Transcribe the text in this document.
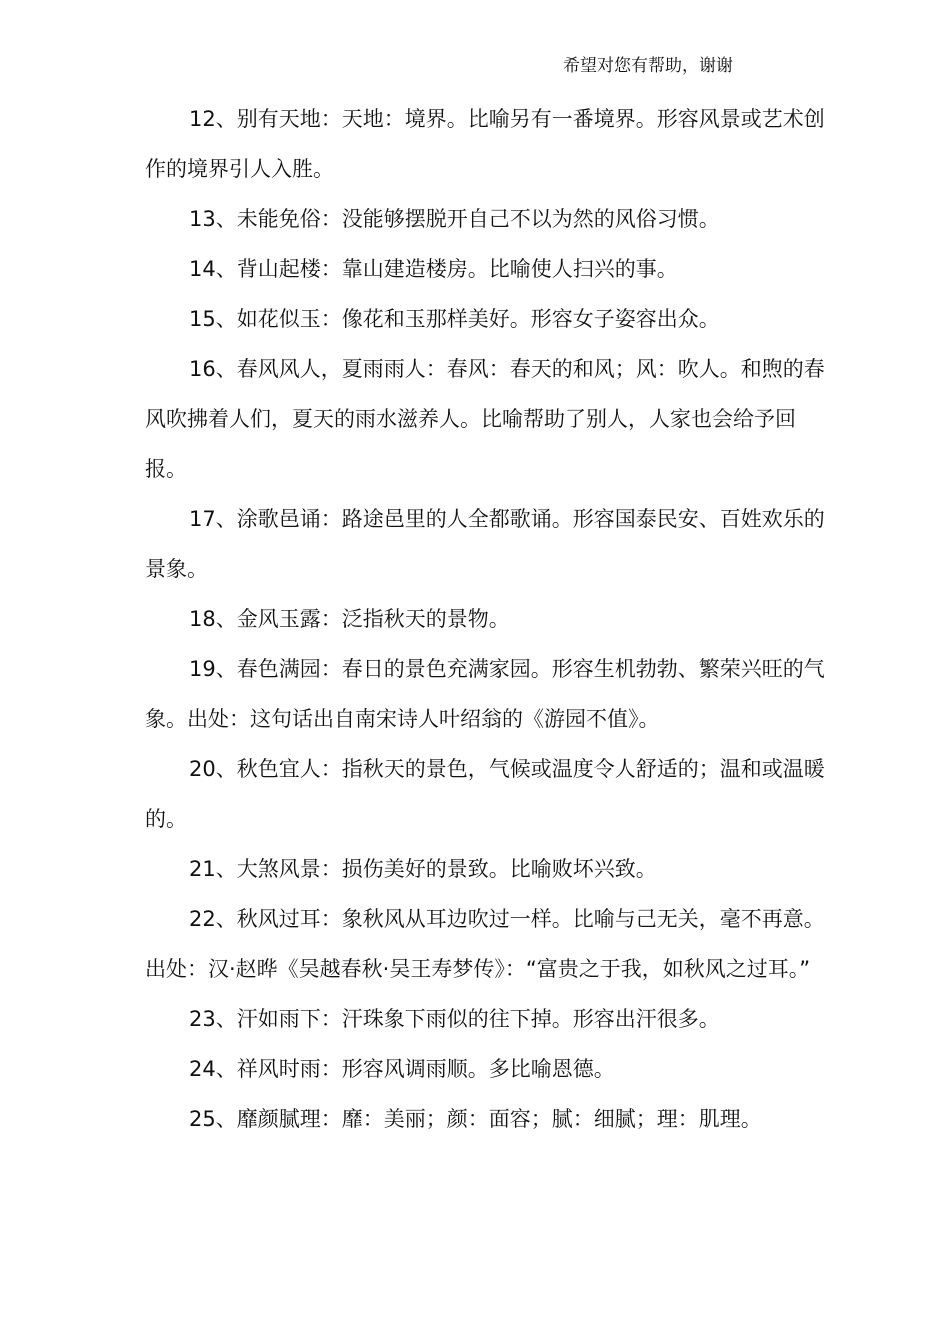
希望对您有帮助，谢谢

12、别有天地：天地：境界。比喻另有一番境界。形容风景或艺术创作的境界引人入胜。

13、未能免俗：没能够摆脱开自己不以为然的风俗习惯。

14、背山起楼：靠山建造楼房。比喻使人扫兴的事。

15、如花似玉：像花和玉那样美好。形容女子姿容出众。

16、春风风人，夏雨雨人：春风：春天的和风；风：吹人。和煦的春风吹拂着人们，夏天的雨水滋养人。比喻帮助了别人，人家也会给予回报。

17、涂歌邑诵：路途邑里的人全都歌诵。形容国泰民安、百姓欢乐的景象。

18、金风玉露：泛指秋天的景物。

19、春色满园：春日的景色充满家园。形容生机勃勃、繁荣兴旺的气象。出处：这句话出自南宋诗人叶绍翁的《游园不值》。

20、秋色宜人：指秋天的景色，气候或温度令人舒适的；温和或温暖的。

21、大煞风景：损伤美好的景致。比喻败坏兴致。

22、秋风过耳：象秋风从耳边吹过一样。比喻与己无关，毫不再意。出处：汉·赵晔《吴越春秋·吴王寿梦传》：“富贵之于我，如秋风之过耳。”

23、汗如雨下：汗珠象下雨似的往下掉。形容出汗很多。

24、祥风时雨：形容风调雨顺。多比喻恩德。

25、靡颜腻理：靡：美丽；颜：面容；腻：细腻；理：肌理。
